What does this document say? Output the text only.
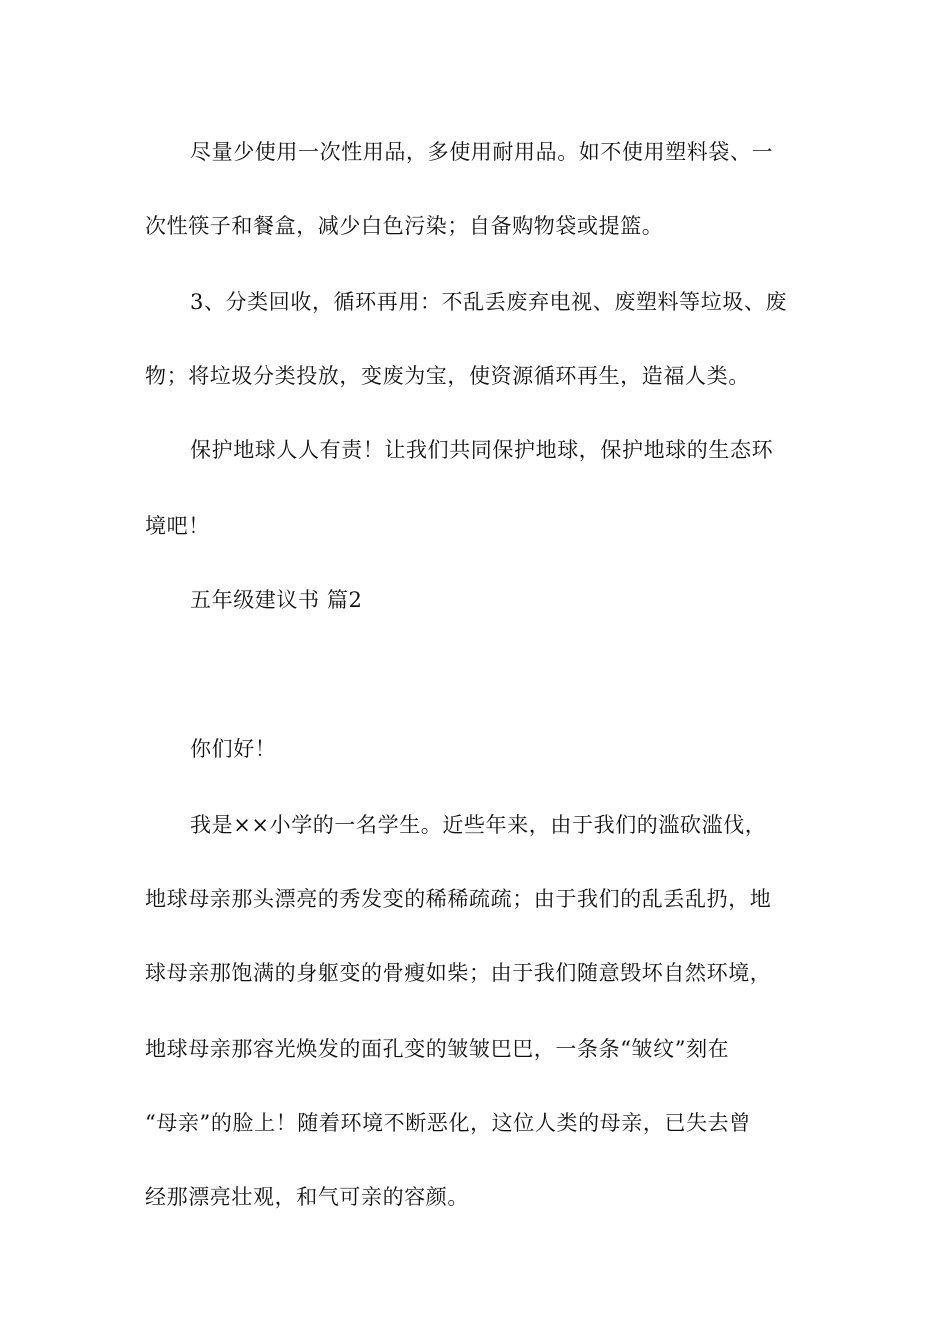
尽量少使用一次性用品，多使用耐用品。如不使用塑料袋、一
次性筷子和餐盒，减少白色污染；自备购物袋或提篮。
3、分类回收，循环再用：不乱丢废弃电视、废塑料等垃圾、废
物；将垃圾分类投放，变废为宝，使资源循环再生，造福人类。
保护地球人人有责！让我们共同保护地球，保护地球的生态环
境吧！
五年级建议书 篇2
你们好！
我是××小学的一名学生。近些年来，由于我们的滥砍滥伐，
地球母亲那头漂亮的秀发变的稀稀疏疏；由于我们的乱丢乱扔，地
球母亲那饱满的身躯变的骨瘦如柴；由于我们随意毁坏自然环境，
地球母亲那容光焕发的面孔变的皱皱巴巴，一条条“皱纹”刻在
“母亲”的脸上！随着环境不断恶化，这位人类的母亲，已失去曾
经那漂亮壮观，和气可亲的容颜。
